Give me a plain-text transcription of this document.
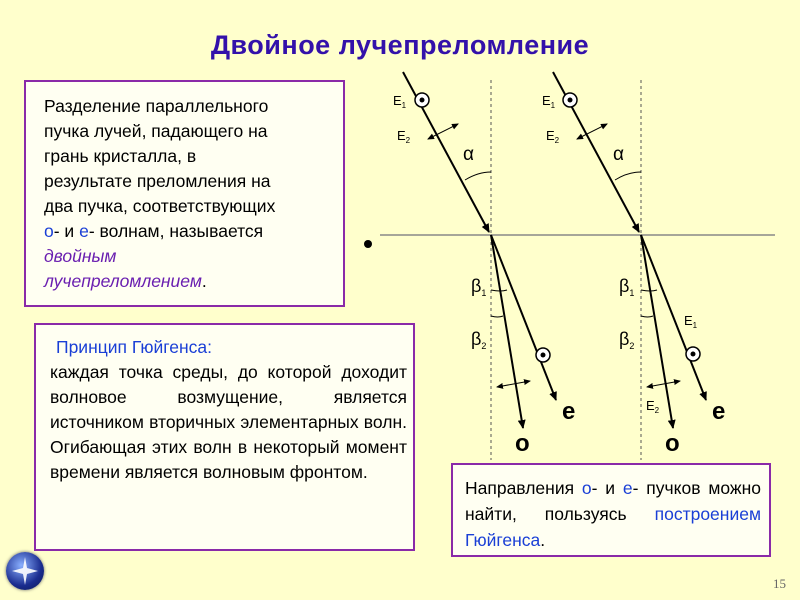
Двойное лучепреломление
Разделение параллельного
пучка лучей, падающего на
грань кристалла, в
результате преломления на
два пучка, соответствующих
о- и е- волнам, называется
двойным
лучепреломлением.
Принцип Гюйгенса:

каждая точка среды, до которой доходит волновое возмущение, является источником вторичных элементарных волн. Огибающая этих волн в некоторый момент времени является волновым фронтом.

Направления о- и е- пучков можно найти, пользуясь построением Гюйгенса.
$E_1$
$E_2$
α
$\beta_1$
$\beta_2$
е
о
$E_1$
$E_2$
α
$\beta_1$
$\beta_2$
$E_1$
$E_2$ е
о
15
